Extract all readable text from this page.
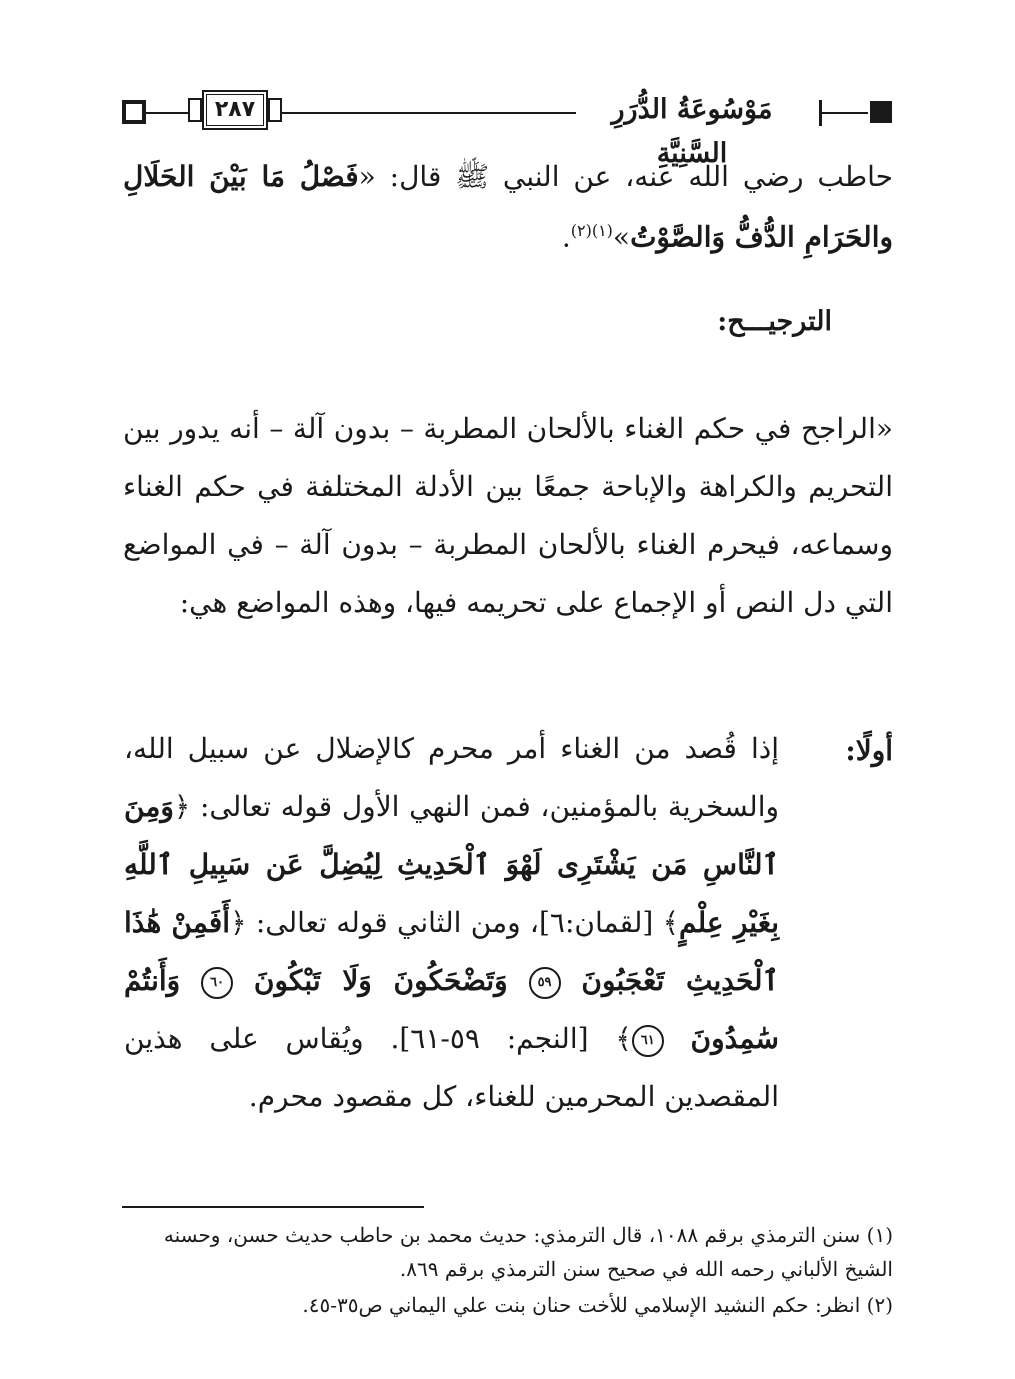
٢٨٧	مَوْسُوعَةُ الدُّرَرِ السَّنِيَّةِ

حاطب رضي الله عنه، عن النبي ﷺ قال: «فَصْلُ مَا بَيْنَ الحَلَالِ والحَرَامِ الدُّفُّ وَالصَّوْتُ»$^{(١)(٢)}$.

الترجيـــح:

«الراجح في حكم الغناء بالألحان المطربة – بدون آلة – أنه يدور بين التحريم والكراهة والإباحة جمعًا بين الأدلة المختلفة في حكم الغناء وسماعه، فيحرم الغناء بالألحان المطربة – بدون آلة – في المواضع التي دل النص أو الإجماع على تحريمه فيها، وهذه المواضع هي:

أولًا:

إذا قُصد من الغناء أمر محرم كالإضلال عن سبيل الله، والسخرية بالمؤمنين، فمن النهي الأول قوله تعالى: ﴿وَمِنَ ٱلنَّاسِ مَن يَشْتَرِى لَهْوَ ٱلْحَدِيثِ لِيُضِلَّ عَن سَبِيلِ ٱللَّهِ بِغَيْرِ عِلْمٍ﴾ [لقمان:٦]، ومن الثاني قوله تعالى: ﴿أَفَمِنْ هَٰذَا ٱلْحَدِيثِ تَعْجَبُونَ ٥٩ وَتَضْحَكُونَ وَلَا تَبْكُونَ ٦٠ وَأَنتُمْ سَٰمِدُونَ ٦١﴾ [النجم: ٥٩-٦١]. ويُقاس على هذين المقصدين المحرمين للغناء، كل مقصود محرم.

(١) سنن الترمذي برقم ١٠٨٨، قال الترمذي: حديث محمد بن حاطب حديث حسن، وحسنه الشيخ الألباني رحمه الله في صحيح سنن الترمذي برقم ٨٦٩.
(٢) انظر: حكم النشيد الإسلامي للأخت حنان بنت علي اليماني ص٣٥-٤٥.
